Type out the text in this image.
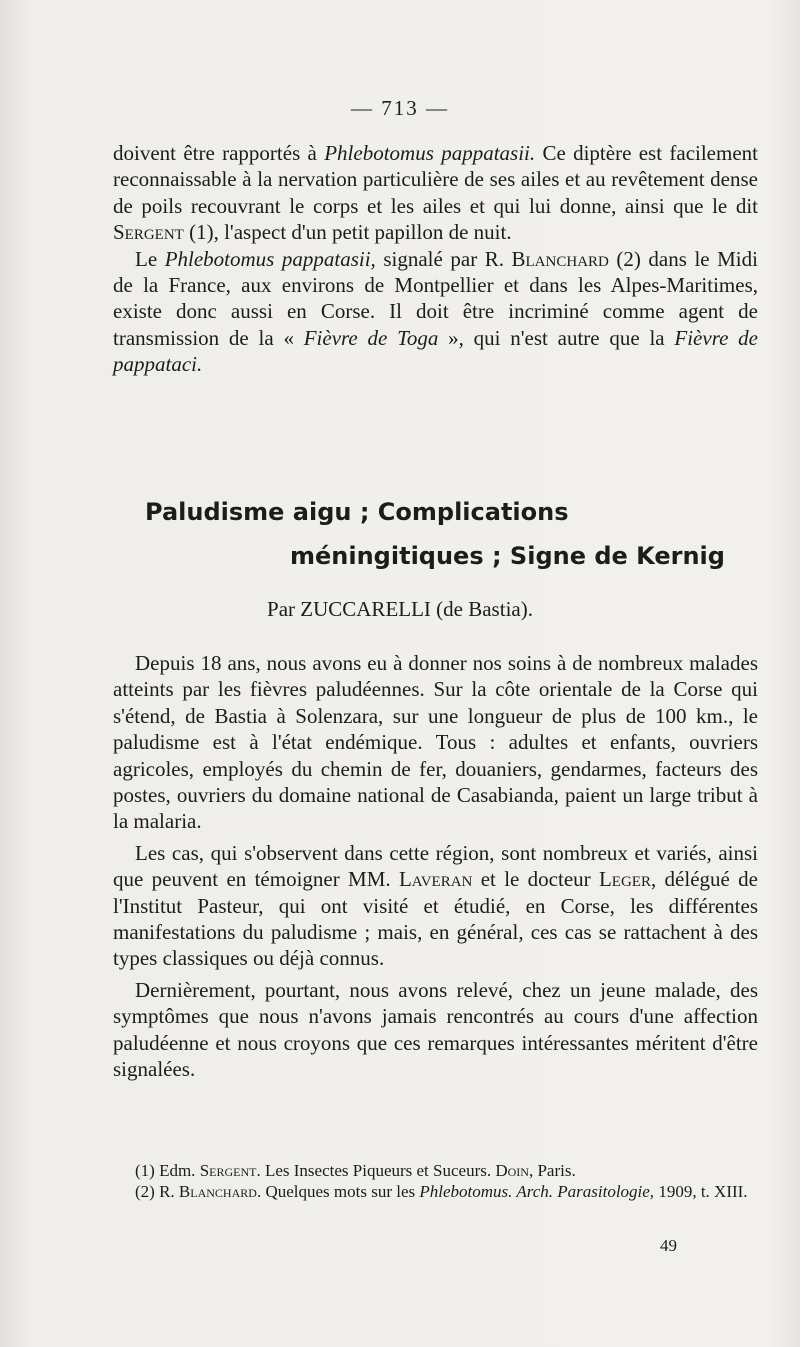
— 713 —

doivent être rapportés à Phlebotomus pappatasii. Ce diptère est facilement reconnaissable à la nervation particulière de ses ailes et au revêtement dense de poils recouvrant le corps et les ailes et qui lui donne, ainsi que le dit Sergent (1), l'aspect d'un petit papillon de nuit.

Le Phlebotomus pappatasii, signalé par R. Blanchard (2) dans le Midi de la France, aux environs de Montpellier et dans les Alpes-Maritimes, existe donc aussi en Corse. Il doit être incriminé comme agent de transmission de la « Fièvre de Toga », qui n'est autre que la Fièvre de pappataci.

Paludisme aigu ; Complications
méningitiques ; Signe de Kernig
Par ZUCCARELLI (de Bastia).

Depuis 18 ans, nous avons eu à donner nos soins à de nombreux malades atteints par les fièvres paludéennes. Sur la côte orientale de la Corse qui s'étend, de Bastia à Solenzara, sur une longueur de plus de 100 km., le paludisme est à l'état endémique. Tous : adultes et enfants, ouvriers agricoles, employés du chemin de fer, douaniers, gendarmes, facteurs des postes, ouvriers du domaine national de Casabianda, paient un large tribut à la malaria.

Les cas, qui s'observent dans cette région, sont nombreux et variés, ainsi que peuvent en témoigner MM. Laveran et le docteur Leger, délégué de l'Institut Pasteur, qui ont visité et étudié, en Corse, les différentes manifestations du paludisme ; mais, en général, ces cas se rattachent à des types classiques ou déjà connus.

Dernièrement, pourtant, nous avons relevé, chez un jeune malade, des symptômes que nous n'avons jamais rencontrés au cours d'une affection paludéenne et nous croyons que ces remarques intéressantes méritent d'être signalées.

(1) Edm. Sergent. Les Insectes Piqueurs et Suceurs. Doin, Paris.

(2) R. Blanchard. Quelques mots sur les Phlebotomus. Arch. Parasitologie, 1909, t. XIII.

49
